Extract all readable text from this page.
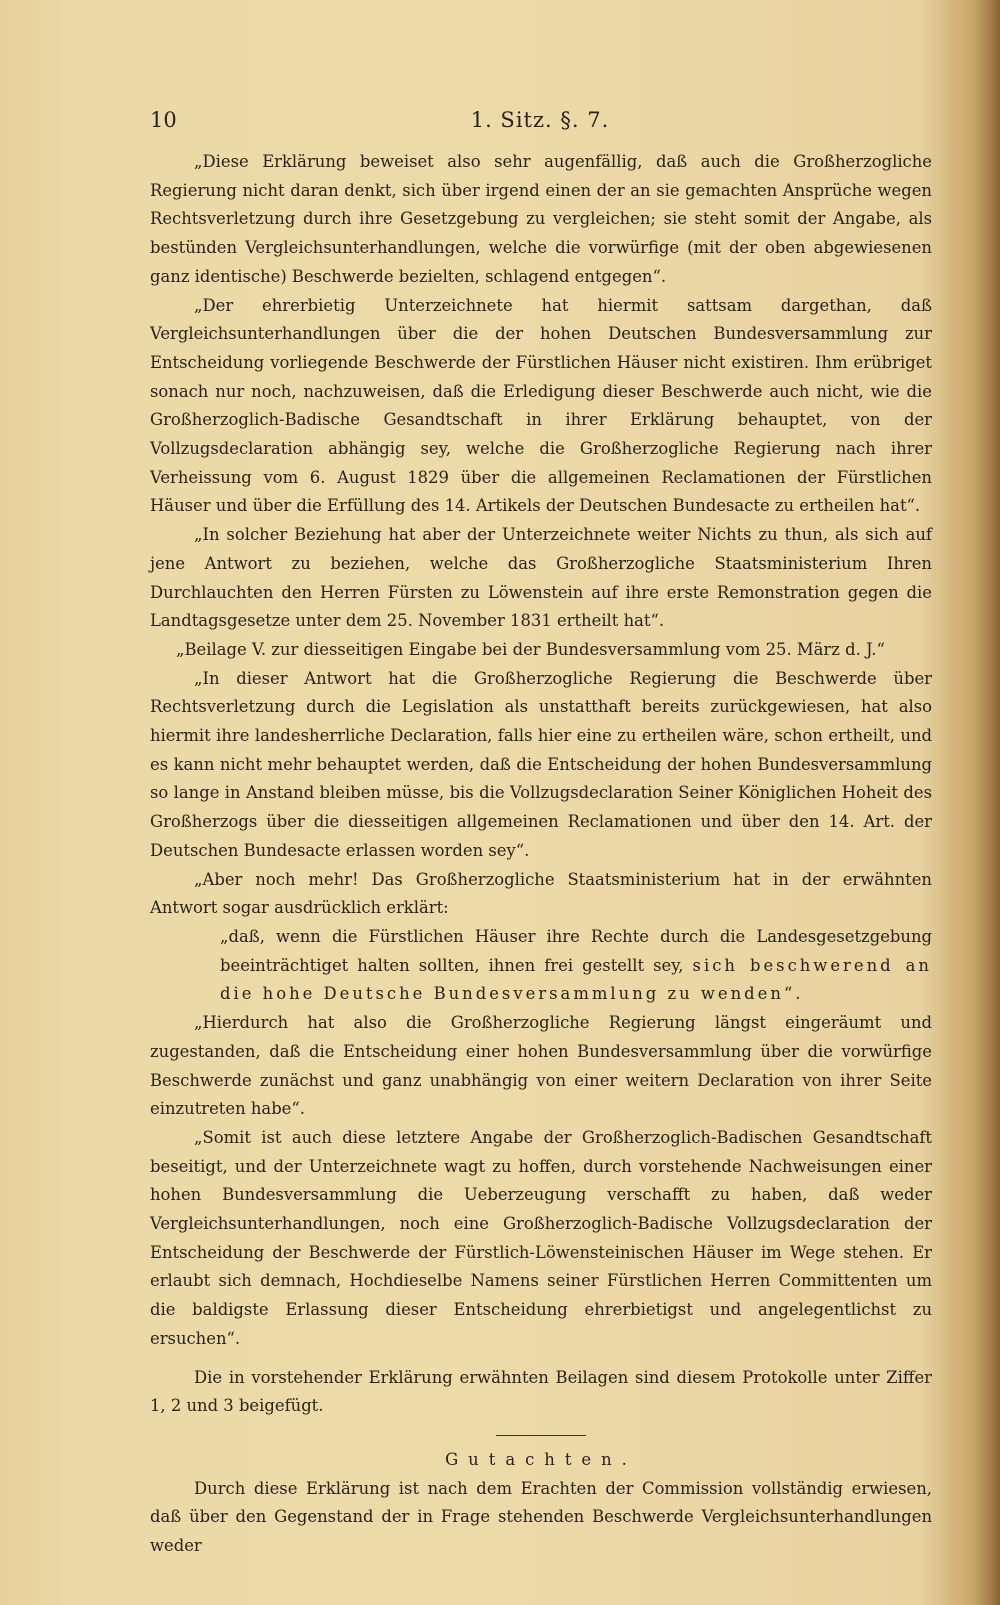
10	1. Sitz. §. 7.

„Diese Erklärung beweiset also sehr augenfällig, daß auch die Großherzogliche Regierung nicht daran denkt, sich über irgend einen der an sie gemachten Ansprüche wegen Rechtsverletzung durch ihre Gesetzgebung zu vergleichen; sie steht somit der Angabe, als bestünden Vergleichsunterhandlungen, welche die vorwürfige (mit der oben abgewiesenen ganz identische) Beschwerde bezielten, schlagend entgegen“.

„Der ehrerbietig Unterzeichnete hat hiermit sattsam dargethan, daß Vergleichsunterhandlungen über die der hohen Deutschen Bundesversammlung zur Entscheidung vorliegende Beschwerde der Fürstlichen Häuser nicht existiren. Ihm erübriget sonach nur noch, nachzuweisen, daß die Erledigung dieser Beschwerde auch nicht, wie die Großherzoglich-Badische Gesandtschaft in ihrer Erklärung behauptet, von der Vollzugsdeclaration abhängig sey, welche die Großherzogliche Regierung nach ihrer Verheissung vom 6. August 1829 über die allgemeinen Reclamationen der Fürstlichen Häuser und über die Erfüllung des 14. Artikels der Deutschen Bundesacte zu ertheilen hat“.

„In solcher Beziehung hat aber der Unterzeichnete weiter Nichts zu thun, als sich auf jene Antwort zu beziehen, welche das Großherzogliche Staatsministerium Ihren Durchlauchten den Herren Fürsten zu Löwenstein auf ihre erste Remonstration gegen die Landtagsgesetze unter dem 25. November 1831 ertheilt hat“.

„Beilage V. zur diesseitigen Eingabe bei der Bundesversammlung vom 25. März d. J.“

„In dieser Antwort hat die Großherzogliche Regierung die Beschwerde über Rechtsverletzung durch die Legislation als unstatthaft bereits zurückgewiesen, hat also hiermit ihre landesherrliche Declaration, falls hier eine zu ertheilen wäre, schon ertheilt, und es kann nicht mehr behauptet werden, daß die Entscheidung der hohen Bundesversammlung so lange in Anstand bleiben müsse, bis die Vollzugsdeclaration Seiner Königlichen Hoheit des Großherzogs über die diesseitigen allgemeinen Reclamationen und über den 14. Art. der Deutschen Bundesacte erlassen worden sey“.

„Aber noch mehr! Das Großherzogliche Staatsministerium hat in der erwähnten Antwort sogar ausdrücklich erklärt:

„daß, wenn die Fürstlichen Häuser ihre Rechte durch die Landesgesetzgebung beeinträchtiget halten sollten, ihnen frei gestellt sey, sich beschwerend an die hohe Deutsche Bundesversammlung zu wenden“.

„Hierdurch hat also die Großherzogliche Regierung längst eingeräumt und zugestanden, daß die Entscheidung einer hohen Bundesversammlung über die vorwürfige Beschwerde zunächst und ganz unabhängig von einer weitern Declaration von ihrer Seite einzutreten habe“.

„Somit ist auch diese letztere Angabe der Großherzoglich-Badischen Gesandtschaft beseitigt, und der Unterzeichnete wagt zu hoffen, durch vorstehende Nachweisungen einer hohen Bundesversammlung die Ueberzeugung verschafft zu haben, daß weder Vergleichsunterhandlungen, noch eine Großherzoglich-Badische Vollzugsdeclaration der Entscheidung der Beschwerde der Fürstlich-Löwensteinischen Häuser im Wege stehen. Er erlaubt sich demnach, Hochdieselbe Namens seiner Fürstlichen Herren Committenten um die baldigste Erlassung dieser Entscheidung ehrerbietigst und angelegentlichst zu ersuchen“.

Die in vorstehender Erklärung erwähnten Beilagen sind diesem Protokolle unter Ziffer 1, 2 und 3 beigefügt.

Gutachten.

Durch diese Erklärung ist nach dem Erachten der Commission vollständig erwiesen, daß über den Gegenstand der in Frage stehenden Beschwerde Vergleichsunterhandlungen weder
